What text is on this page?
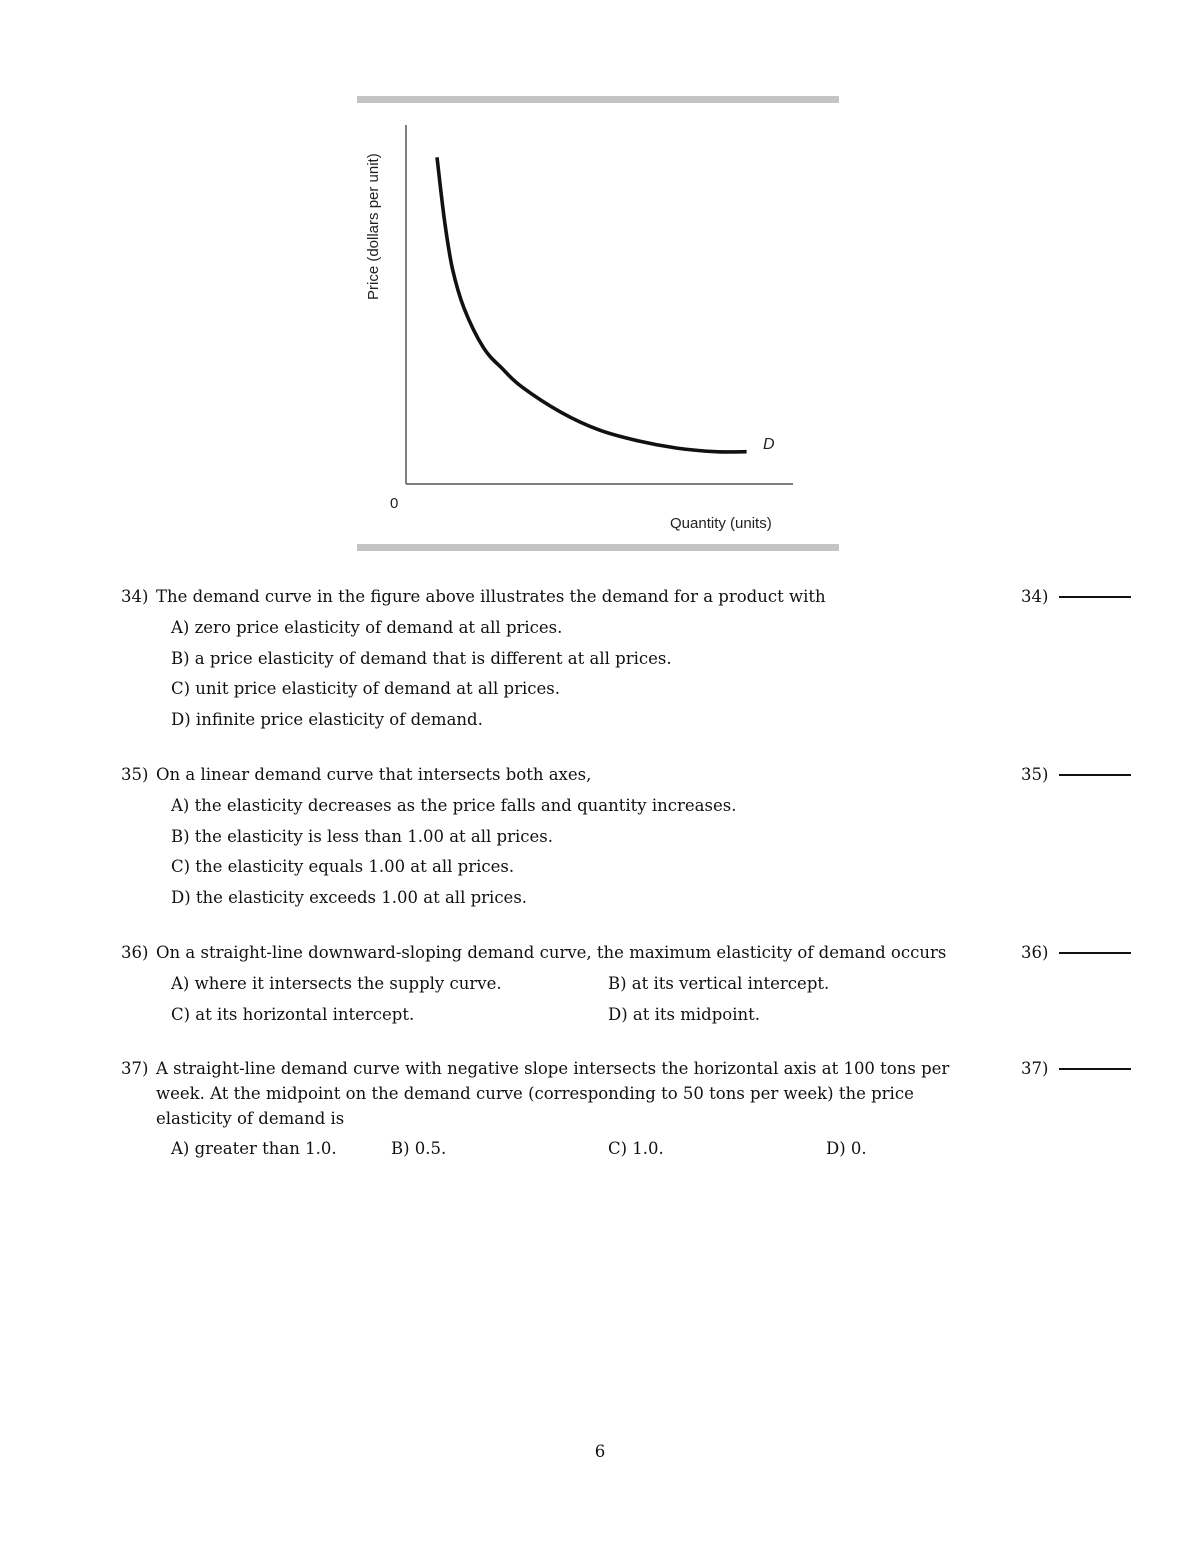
Price (dollars per unit)
Quantity (units)
0
D
34) The demand curve in the figure above illustrates the demand for a product with	34)
A) zero price elasticity of demand at all prices.
B) a price elasticity of demand that is different at all prices.
C) unit price elasticity of demand at all prices.
D) infinite price elasticity of demand.
35) On a linear demand curve that intersects both axes,	35)
A) the elasticity decreases as the price falls and quantity increases.
B) the elasticity is less than 1.00 at all prices.
C) the elasticity equals 1.00 at all prices.
D) the elasticity exceeds 1.00 at all prices.
36) On a straight-line downward-sloping demand curve, the maximum elasticity of demand occurs	36)
A) where it intersects the supply curve.	B) at its vertical intercept.
C) at its horizontal intercept.	D) at its midpoint.
37) A straight-line demand curve with negative slope intersects the horizontal axis at 100 tons per week. At the midpoint on the demand curve (corresponding to 50 tons per week) the price elasticity of demand is
37)
A) greater than 1.0.	B) 0.5.	C) 1.0.	D) 0.
6
